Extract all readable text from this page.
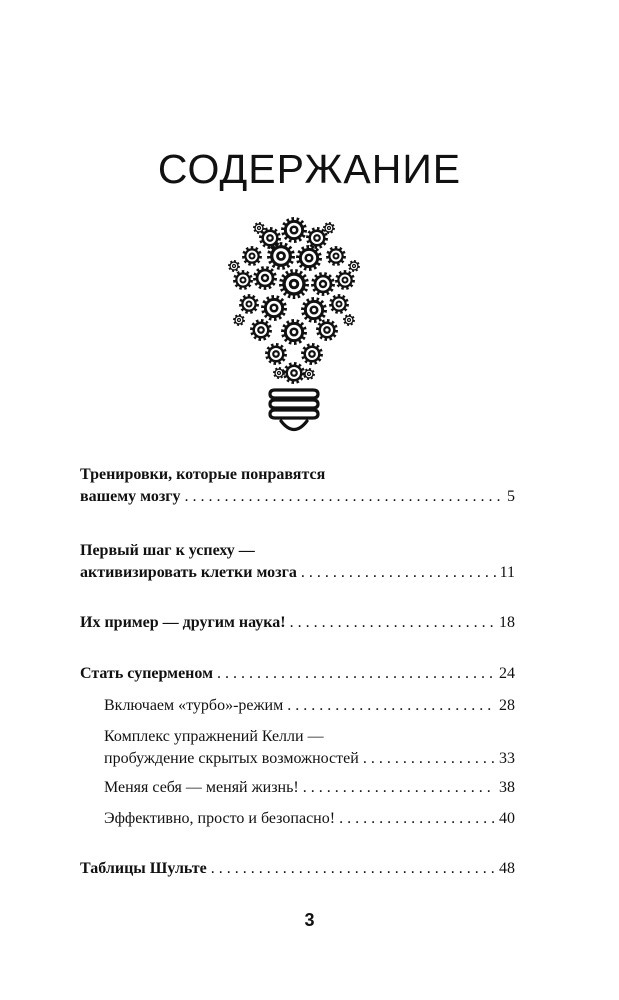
СОДЕРЖАНИЕ
Тренировки, которые понравятся
вашему мозгу . . .	5
Первый шаг к успеху —
активизировать клетки мозга . . .	11
Их пример — другим наука! . . .	18
Стать суперменом . . .	24
Включаем «турбо»-режим . . .	28
Комплекс упражнений Келли —
пробуждение скрытых возможностей . . .	33
Меняя себя — меняй жизнь! . . .	38
Эффективно, просто и безопасно! . . .	40
Таблицы Шульте . . .	48
3
